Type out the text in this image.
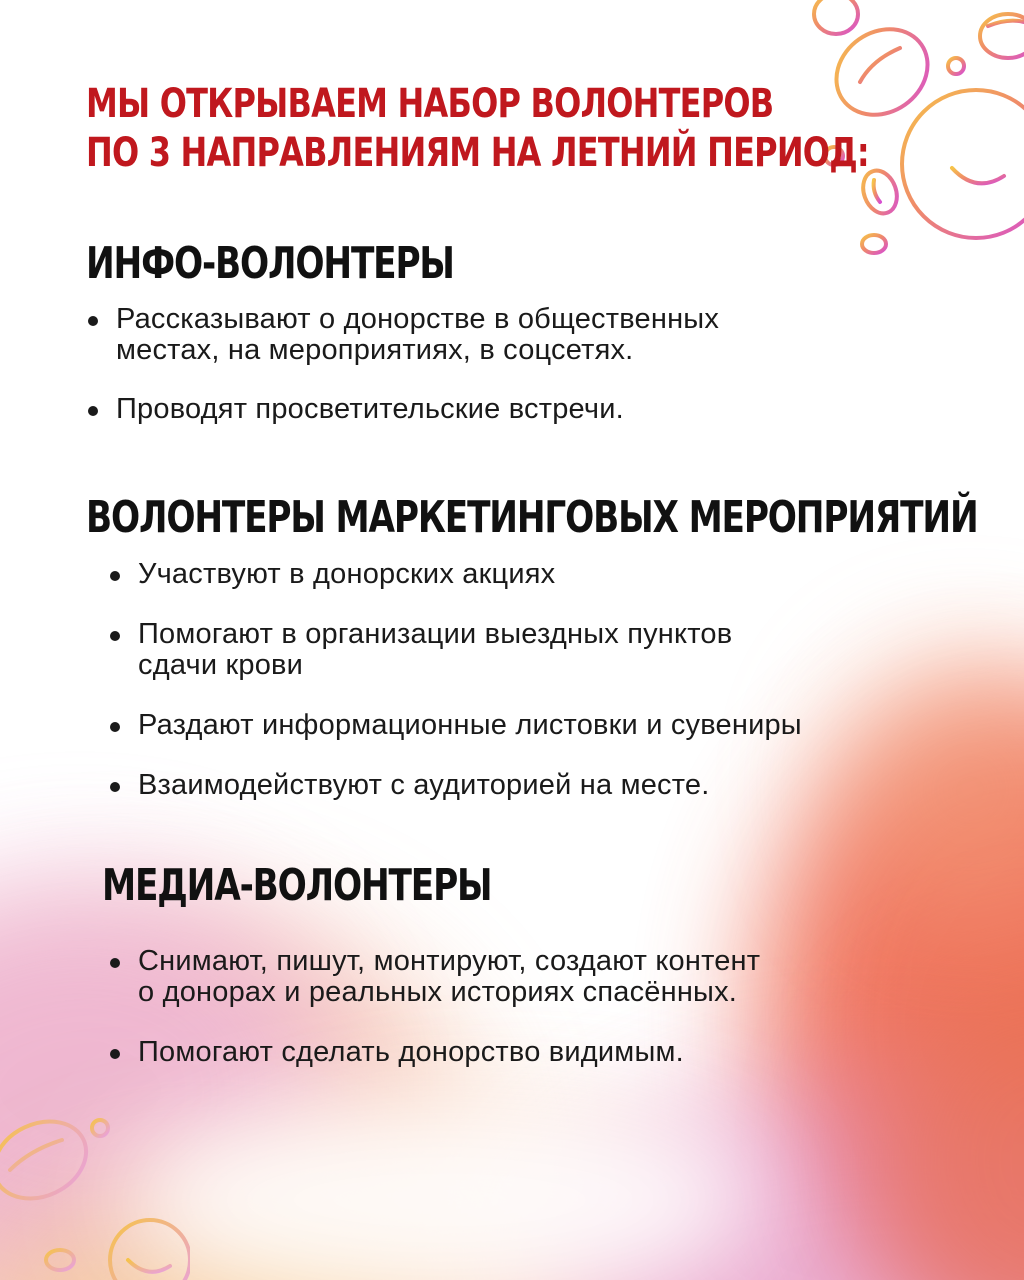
МЫ ОТКРЫВАЕМ НАБОР ВОЛОНТЕРОВ
ПО 3 НАПРАВЛЕНИЯМ НА ЛЕТНИЙ ПЕРИОД:
ИНФО-ВОЛОНТЕРЫ
Рассказывают о донорстве в общественных
местах, на мероприятиях, в соцсетях.
Проводят просветительские встречи.
ВОЛОНТЕРЫ МАРКЕТИНГОВЫХ МЕРОПРИЯТИЙ
Участвуют в донорских акциях
Помогают в организации выездных пунктов
сдачи крови
Раздают информационные листовки и сувениры
Взаимодействуют с аудиторией на месте.
МЕДИА-ВОЛОНТЕРЫ
Снимают, пишут, монтируют, создают контент
о донорах и реальных историях спасённых.
Помогают сделать донорство видимым.
